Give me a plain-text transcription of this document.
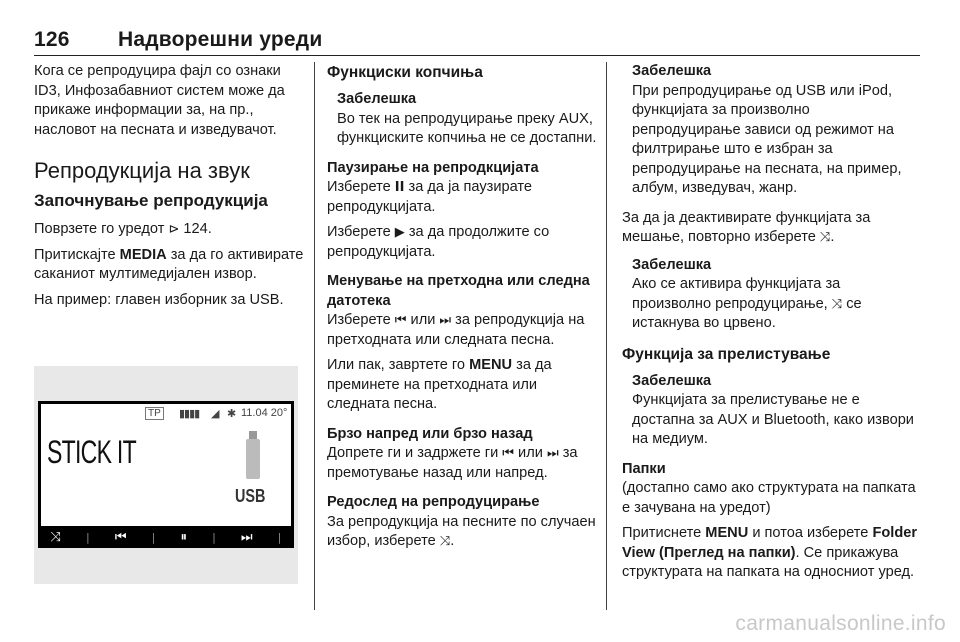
126 Надворешни уреди

Кога се репродуцира фајл со ознаки ID3, Инфозабавниот систем може да прикаже информации за, на пр., насловот на песната и изведувачот.

Репродукција на звук
Започнување репродукција

Поврзете го уредот ⊳ 124.

Притискајте MEDIA за да го активирате саканиот мултимедијален извор.

На пример: главен изборник за USB.

TP ▮▮▮▮ ◢ ✱ 11.04 20°
STICK IT
USB
⤨ | ⏮ | ⏸ | ⏭ |
Функциски копчиња
Забелешка
Во тек на репродуцирање преку AUX, функциските копчиња не се достапни.
Паузирање на репродкцијата

Изберете II за да ја паузирате репродукцијата.

Изберете ▶ за да продолжите со репродукцијата.

Менување на претходна или следна датотека

Изберете ⏮ или ⏭ за репродукција на претходната или следната песна.

Или пак, завртете го MENU за да преминете на претходната или следната песна.

Брзо напред или брзо назад

Допрете ги и задржете ги ⏮ или ⏭ за премотување назад или напред.

Редослед на репродуцирање

За репродукција на песните по случаен избор, изберете ⤨.

Забелешка
При репродуцирање од USB или iPod, функцијата за произволно репродуцирање зависи од режимот на филтрирање што е избран за репродуцирање на песната, на пример, албум, изведувач, жанр.

За да ја деактивирате функцијата за мешање, повторно изберете ⤨.

Забелешка
Ако се активира функцијата за произволно репродуцирање, ⤨ се истакнува во црвено.
Функција за прелистување
Забелешка
Функцијата за прелистување не е достапна за AUX и Bluetooth, како извори на медиум.
Папки

(достапно само ако структурата на папката е зачувана на уредот)

Притиснете MENU и потоа изберете Folder View (Преглед на папки). Се прикажува структурата на папката на односниот уред.

carmanualsonline.info
